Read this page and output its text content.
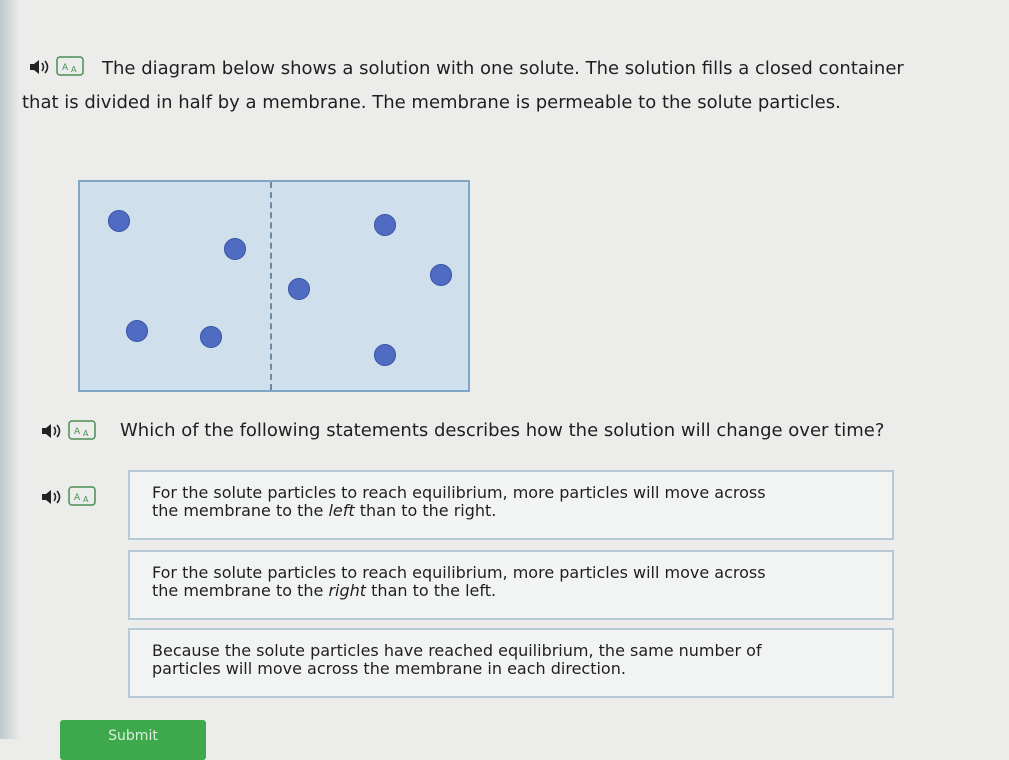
A A	The diagram below shows a solution with one solute. The solution fills a closed container that is divided in half by a membrane. The membrane is permeable to the solute particles.
A A Which of the following statements describes how the solution will change over time?
A A	For the solute particles to reach equilibrium, more particles will move across
the membrane to the left than to the right.
For the solute particles to reach equilibrium, more particles will move across
the membrane to the right than to the left.
Because the solute particles have reached equilibrium, the same number of
particles will move across the membrane in each direction.
Submit
